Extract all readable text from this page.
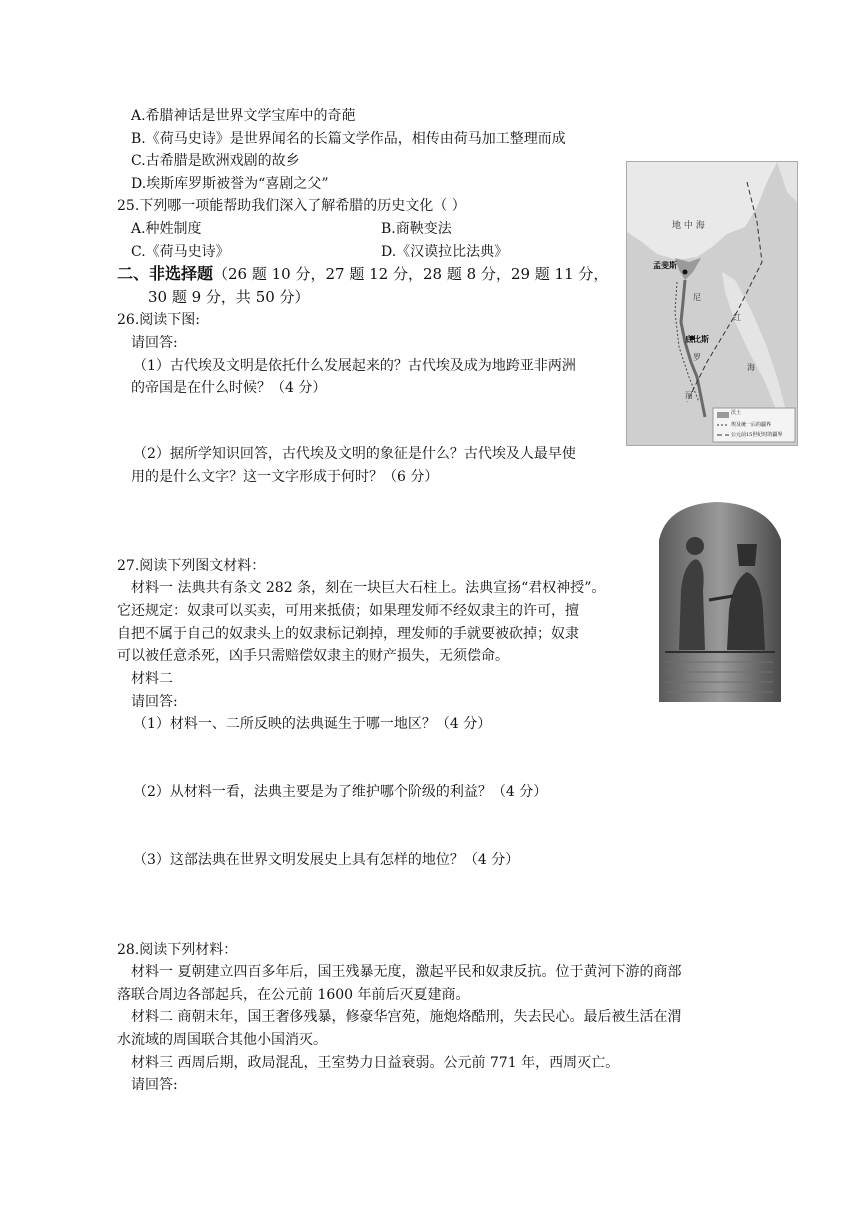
A.希腊神话是世界文学宝库中的奇葩
B.《荷马史诗》是世界闻名的长篇文学作品，相传由荷马加工整理而成
C.古希腊是欧洲戏剧的故乡
D.埃斯库罗斯被誉为“喜剧之父”
25.下列哪一项能帮助我们深入了解希腊的历史文化（ ）
A.种姓制度	B.商鞅变法
C.《荷马史诗》	D.《汉谟拉比法典》
二、非选择题（26 题 10 分，27 题 12 分，28 题 8 分，29 题 11 分，
30 题 9 分，共 50 分）
26.阅读下图:
请回答:
（1）古代埃及文明是依托什么发展起来的？古代埃及成为地跨亚非两洲
的帝国是在什么时候？（4 分）
（2）据所学知识回答，古代埃及文明的象征是什么？古代埃及人最早使
用的是什么文字？这一文字形成于何时？（6 分）
地 中 海
孟斐斯
底比斯
尼
罗
红
海
河
沃土
埃及统一后的疆界
公元前15世纪时的疆界
27.阅读下列图文材料：
材料一 法典共有条文 282 条，刻在一块巨大石柱上。法典宣扬“君权神授”。
它还规定：奴隶可以买卖，可用来抵债；如果理发师不经奴隶主的许可，擅
自把不属于自己的奴隶头上的奴隶标记剃掉，理发师的手就要被砍掉；奴隶
可以被任意杀死，凶手只需赔偿奴隶主的财产损失，无须偿命。
材料二
请回答:
（1）材料一、二所反映的法典诞生于哪一地区？（4 分）
（2）从材料一看，法典主要是为了维护哪个阶级的利益？（4 分）
（3）这部法典在世界文明发展史上具有怎样的地位？（4 分）
28.阅读下列材料：
材料一 夏朝建立四百多年后，国王残暴无度，激起平民和奴隶反抗。位于黄河下游的商部
落联合周边各部起兵，在公元前 1600 年前后灭夏建商。
材料二 商朝末年，国王奢侈残暴，修豪华宫苑，施炮烙酷刑，失去民心。最后被生活在渭
水流域的周国联合其他小国消灭。
材料三 西周后期，政局混乱，王室势力日益衰弱。公元前 771 年，西周灭亡。
请回答:
